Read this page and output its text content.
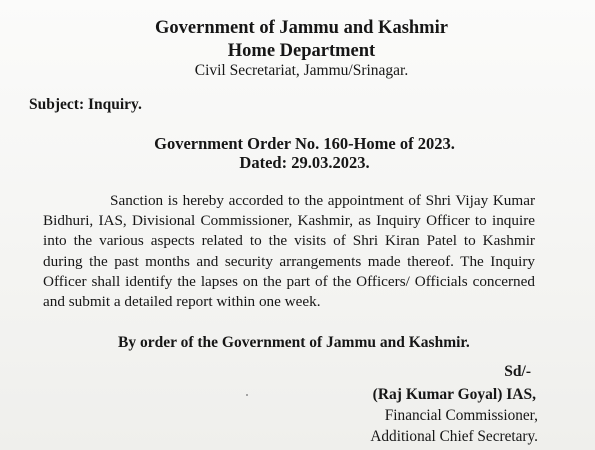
Government of Jammu and Kashmir
Home Department
Civil Secretariat, Jammu/Srinagar.
Subject: Inquiry.
Government Order No. 160-Home of 2023.
Dated: 29.03.2023.
Sanction is hereby accorded to the appointment of Shri Vijay Kumar
Bidhuri, IAS, Divisional Commissioner, Kashmir, as Inquiry Officer to inquire
into the various aspects related to the visits of Shri Kiran Patel to Kashmir
during the past months and security arrangements made thereof. The Inquiry
Officer shall identify the lapses on the part of the Officers/ Officials concerned
and submit a detailed report within one week.
By order of the Government of Jammu and Kashmir.
Sd/-
(Raj Kumar Goyal) IAS,
Financial Commissioner,
Additional Chief Secretary.
